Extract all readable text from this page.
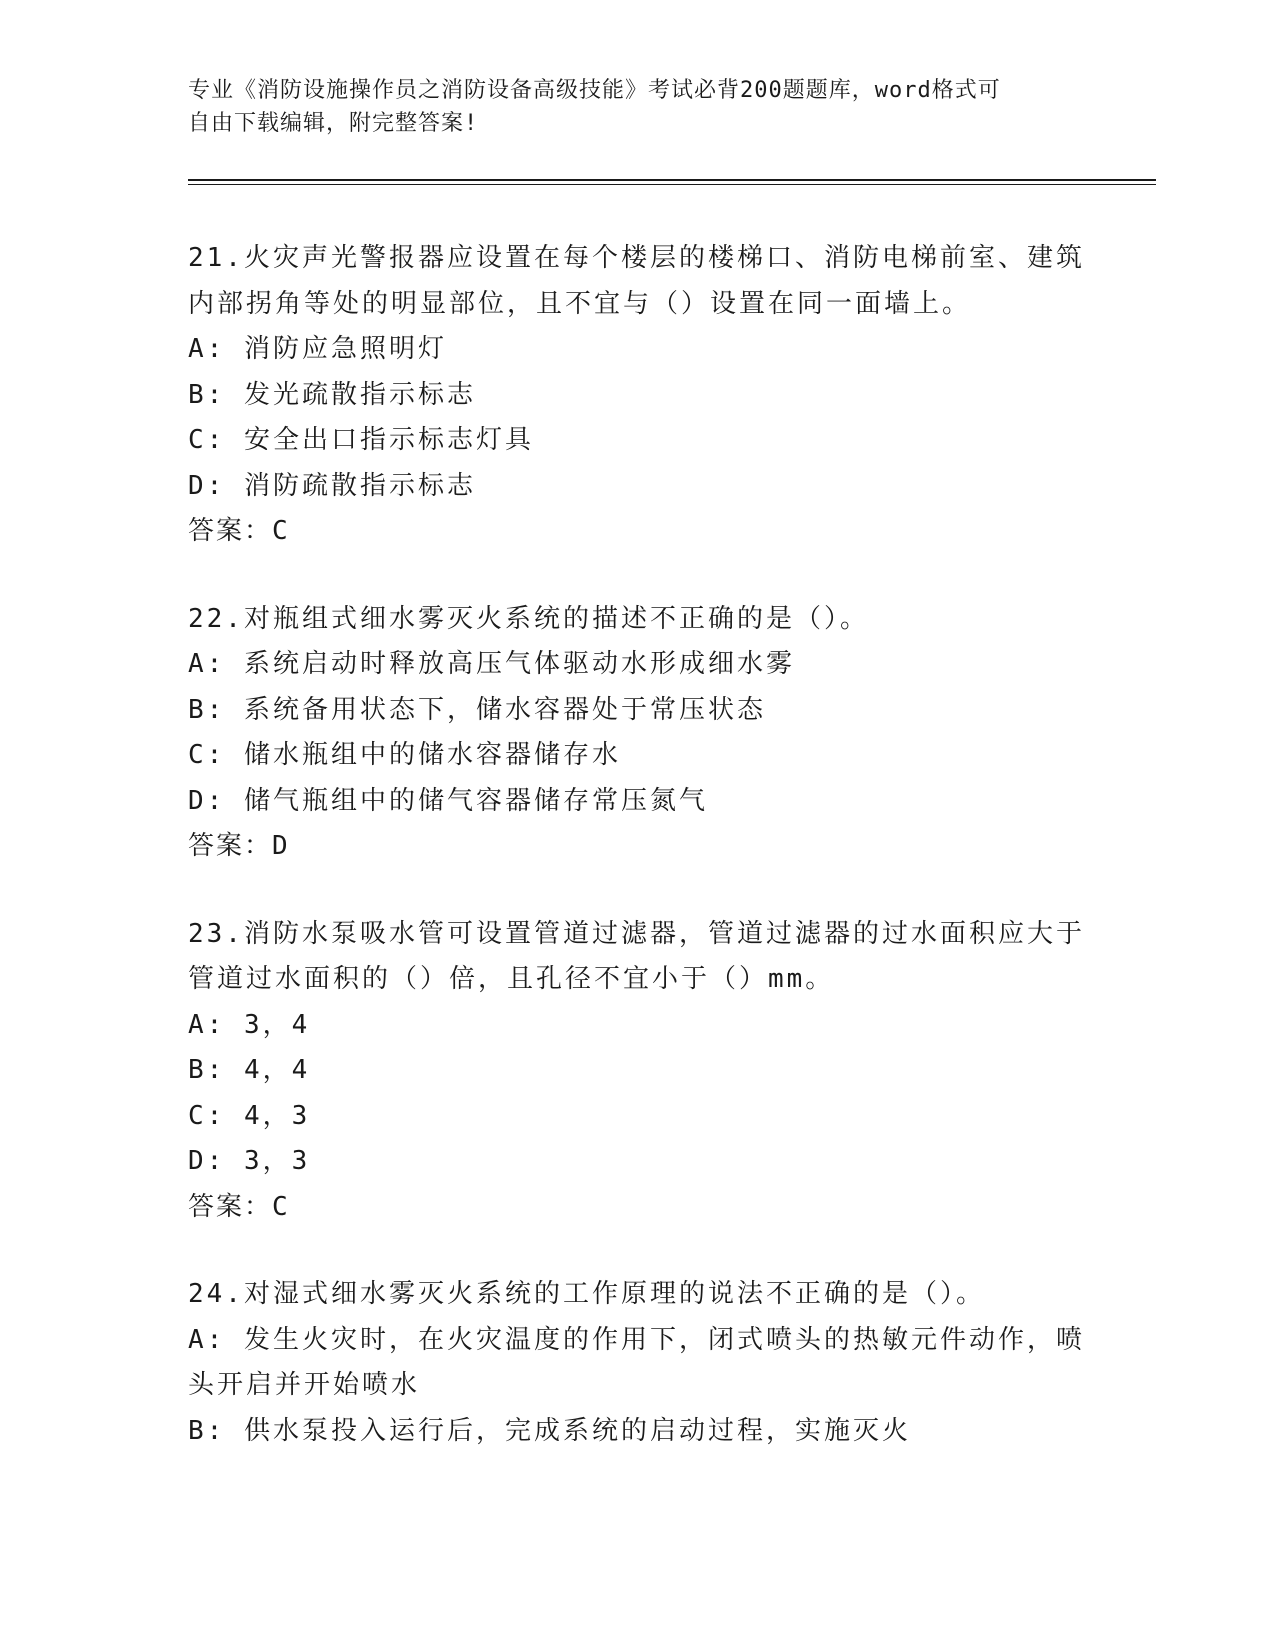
专业《消防设施操作员之消防设备高级技能》考试必背200题题库，word格式可
自由下载编辑，附完整答案!
21.火灾声光警报器应设置在每个楼层的楼梯口、消防电梯前室、建筑内部拐角等处的明显部位，且不宜与（）设置在同一面墙上。
A: 消防应急照明灯
B: 发光疏散指示标志
C: 安全出口指示标志灯具
D: 消防疏散指示标志
答案：C
22.对瓶组式细水雾灭火系统的描述不正确的是（）。
A: 系统启动时释放高压气体驱动水形成细水雾
B: 系统备用状态下，储水容器处于常压状态
C: 储水瓶组中的储水容器储存水
D: 储气瓶组中的储气容器储存常压氮气
答案：D
23.消防水泵吸水管可设置管道过滤器，管道过滤器的过水面积应大于管道过水面积的（）倍，且孔径不宜小于（）mm。
A: 3，4
B: 4，4
C: 4，3
D: 3，3
答案：C
24.对湿式细水雾灭火系统的工作原理的说法不正确的是（）。
A: 发生火灾时，在火灾温度的作用下，闭式喷头的热敏元件动作，喷头开启并开始喷水
B: 供水泵投入运行后，完成系统的启动过程，实施灭火
